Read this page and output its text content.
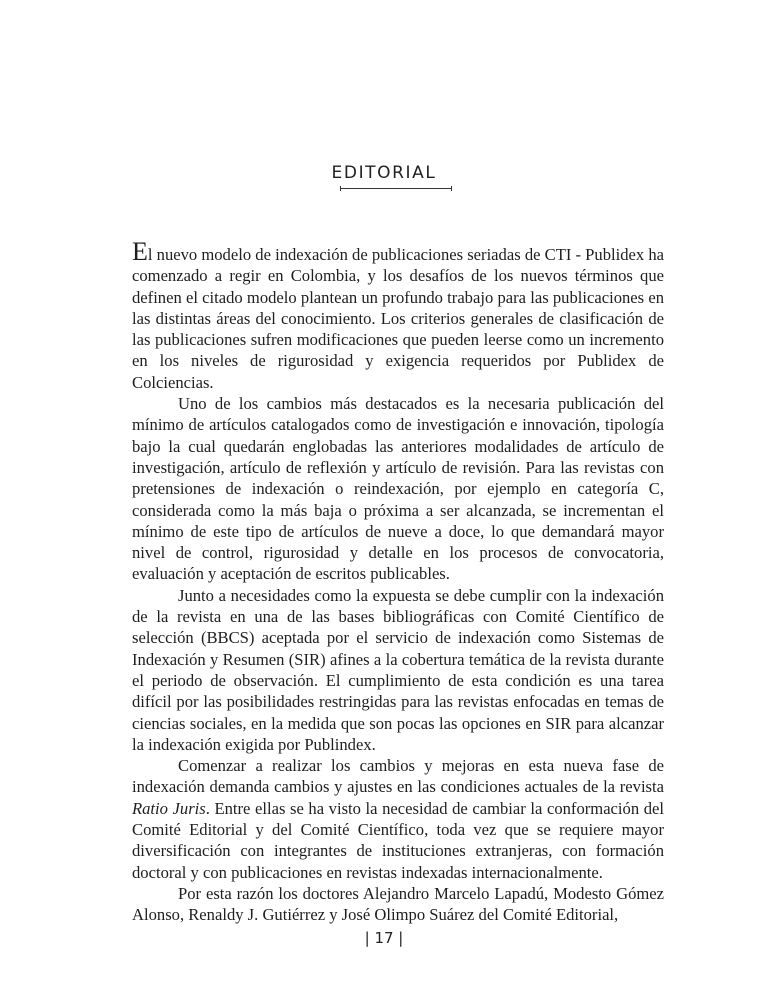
EDITORIAL

El nuevo modelo de indexación de publicaciones seriadas de CTI - Publidex ha comenzado a regir en Colombia, y los desafíos de los nuevos términos que definen el citado modelo plantean un profundo trabajo para las publicaciones en las distintas áreas del conocimiento. Los criterios generales de clasificación de las publicaciones sufren modificaciones que pueden leerse como un incremento en los niveles de rigurosidad y exigencia requeridos por Publidex de Colciencias.

Uno de los cambios más destacados es la necesaria publicación del mínimo de artículos catalogados como de investigación e innovación, tipología bajo la cual quedarán englobadas las anteriores modalidades de artículo de investigación, artículo de reflexión y artículo de revisión. Para las revistas con pretensiones de indexación o reindexación, por ejemplo en categoría C, considerada como la más baja o próxima a ser alcanzada, se incrementan el mínimo de este tipo de artículos de nueve a doce, lo que demandará mayor nivel de control, rigurosidad y detalle en los procesos de convocatoria, evaluación y aceptación de escritos publicables.

Junto a necesidades como la expuesta se debe cumplir con la indexación de la revista en una de las bases bibliográficas con Comité Científico de selección (BBCS) aceptada por el servicio de indexación como Sistemas de Indexación y Resumen (SIR) afines a la cobertura temática de la revista durante el periodo de observación. El cumplimiento de esta condición es una tarea difícil por las posibilidades restringidas para las revistas enfocadas en temas de ciencias sociales, en la medida que son pocas las opciones en SIR para alcanzar la indexación exigida por Publindex.

Comenzar a realizar los cambios y mejoras en esta nueva fase de indexación demanda cambios y ajustes en las condiciones actuales de la revista Ratio Juris. Entre ellas se ha visto la necesidad de cambiar la conformación del Comité Editorial y del Comité Científico, toda vez que se requiere mayor diversificación con integrantes de instituciones extranjeras, con formación doctoral y con publicaciones en revistas indexadas internacionalmente.

Por esta razón los doctores Alejandro Marcelo Lapadú, Modesto Gómez Alonso, Renaldy J. Gutiérrez y José Olimpo Suárez del Comité Editorial,

| 17 |
